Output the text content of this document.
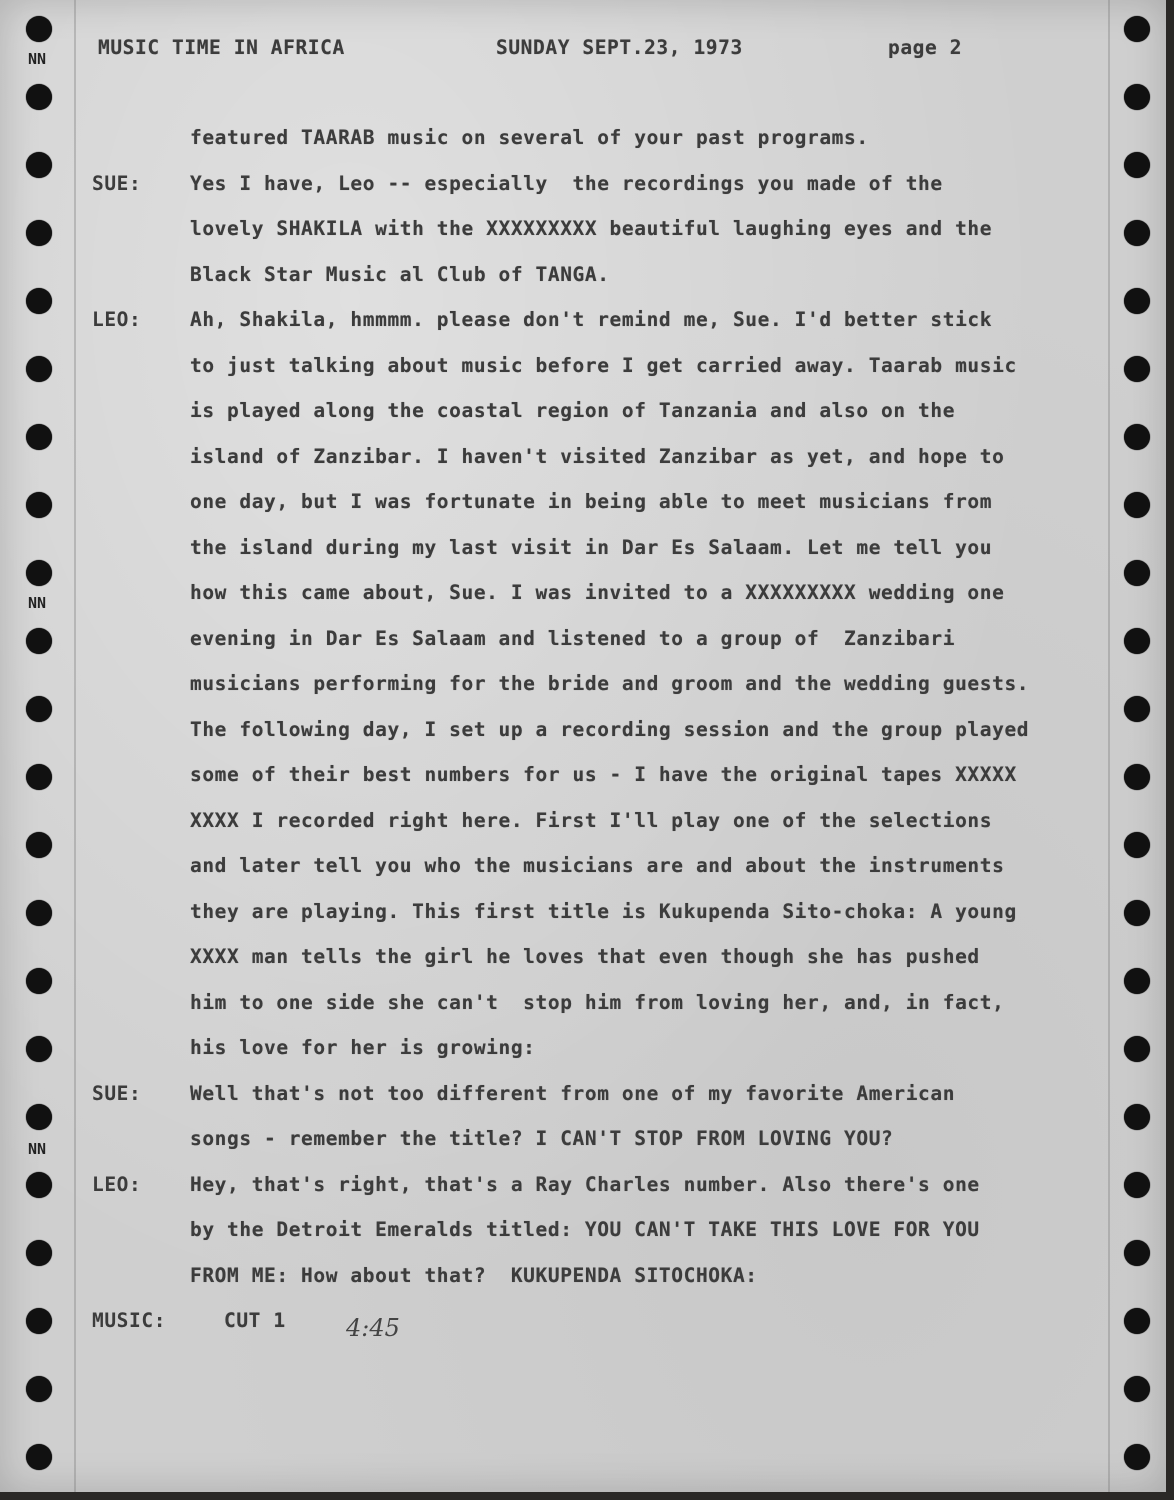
MUSIC TIME IN AFRICA	SUNDAY SEPT.23, 1973	page 2
featured TAARAB music on several of your past programs.
SUE: Yes I have, Leo -- especially  the recordings you made of the
lovely SHAKILA with the XXXXXXXXX beautiful laughing eyes and the
Black Star Music al Club of TANGA.
LEO: Ah, Shakila, hmmmm. please don't remind me, Sue. I'd better stick
to just talking about music before I get carried away. Taarab music
is played along the coastal region of Tanzania and also on the
island of Zanzibar. I haven't visited Zanzibar as yet, and hope to
one day, but I was fortunate in being able to meet musicians from
the island during my last visit in Dar Es Salaam. Let me tell you
how this came about, Sue. I was invited to a XXXXXXXXX wedding one
evening in Dar Es Salaam and listened to a group of  Zanzibari
musicians performing for the bride and groom and the wedding guests.
The following day, I set up a recording session and the group played
some of their best numbers for us - I have the original tapes XXXXX
XXXX I recorded right here. First I'll play one of the selections
and later tell you who the musicians are and about the instruments
they are playing. This first title is Kukupenda Sito-choka: A young
XXXX man tells the girl he loves that even though she has pushed
him to one side she can't  stop him from loving her, and, in fact,
his love for her is growing:
SUE: Well that's not too different from one of my favorite American
songs - remember the title? I CAN'T STOP FROM LOVING YOU?
LEO: Hey, that's right, that's a Ray Charles number. Also there's one
by the Detroit Emeralds titled: YOU CAN'T TAKE THIS LOVE FOR YOU
FROM ME: How about that?  KUKUPENDA SITOCHOKA:
MUSIC:	CUT 1	4:45
NN
NN
NN
